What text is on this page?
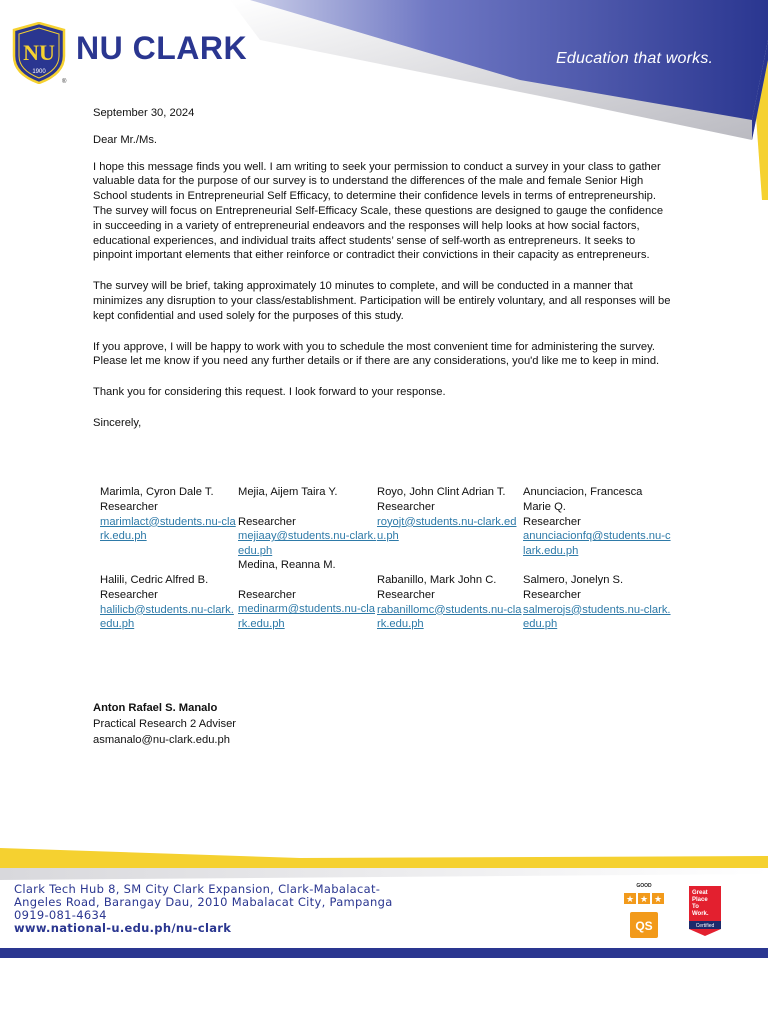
NU
1900
NU CLARK
®
Education that works.

September 30, 2024

Dear Mr./Ms.

I hope this message finds you well. I am writing to seek your permission to conduct a survey in your class to gather valuable data for the purpose of our survey is to understand the differences of the male and female Senior High School students in Entrepreneurial Self Efficacy, to determine their confidence levels in terms of entrepreneurship. The survey will focus on Entrepreneurial Self-Efficacy Scale, these questions are designed to gauge the confidence in succeeding in a variety of entrepreneurial endeavors and the responses will help looks at how social factors, educational experiences, and individual traits affect students’ sense of self-worth as entrepreneurs. It seeks to pinpoint important elements that either reinforce or contradict their convictions in their capacity as entrepreneurs.

The survey will be brief, taking approximately 10 minutes to complete, and will be conducted in a manner that minimizes any disruption to your class/establishment. Participation will be entirely voluntary, and all responses will be kept confidential and used solely for the purposes of this study.

If you approve, I will be happy to work with you to schedule the most convenient time for administering the survey. Please let me know if you need any further details or if there are any considerations, you'd like me to keep in mind.

Thank you for considering this request. I look forward to your response.

Sincerely,

Marimla, Cyron Dale T.
Researcher
marimlact@students.nu-clark.edu.ph
Mejia, Aijem Taira Y.
Researcher
mejiaay@students.nu-clark.edu.ph
Royo, John Clint Adrian T.
Researcher
royojt@students.nu-clark.edu.ph
Anunciacion, Francesca Marie Q.
Researcher
anunciacionfq@students.nu-clark.edu.ph
Halili, Cedric Alfred B.
Researcher
halilicb@students.nu-clark.edu.ph
Medina, Reanna M.
Researcher
medinarm@students.nu-clark.edu.ph
Rabanillo, Mark John C.
Researcher
rabanillomc@students.nu-clark.edu.ph
Salmero, Jonelyn S.
Researcher
salmerojs@students.nu-clark.edu.ph
Anton Rafael S. Manalo
Practical Research 2 Adviser
asmanalo@nu-clark.edu.ph
Clark Tech Hub 8, SM City Clark Expansion, Clark-Mabalacat-
Angeles Road, Barangay Dau, 2010 Mabalacat City, Pampanga
0919-081-4634
www.national-u.edu.ph/nu-clark
GOOD
★ ★ ★
QS
Great
Place
To
Work.
Certified
